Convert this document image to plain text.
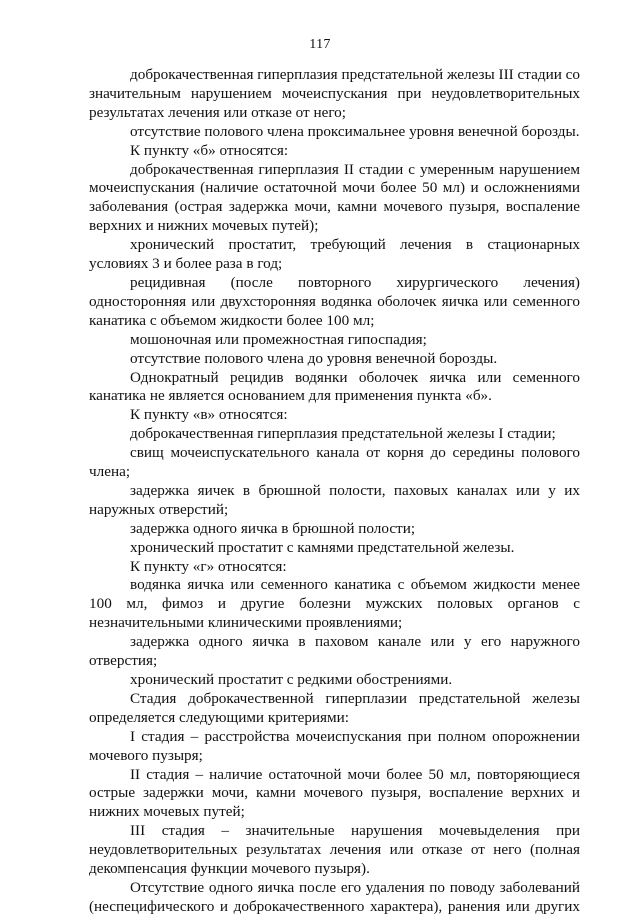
117

доброкачественная гиперплазия предстательной железы III стадии со значительным нарушением мочеиспускания при неудовлетворительных результатах лечения или отказе от него;

отсутствие полового члена проксимальнее уровня венечной борозды.

К пункту «б» относятся:

доброкачественная гиперплазия II стадии с умеренным нарушением мочеиспускания (наличие остаточной мочи более 50 мл) и осложнениями заболевания (острая задержка мочи, камни мочевого пузыря, воспаление верхних и нижних мочевых путей);

хронический простатит, требующий лечения в стационарных условиях 3 и более раза в год;

рецидивная (после повторного хирургического лечения) односторонняя или двухсторонняя водянка оболочек яичка или семенного канатика с объемом жидкости более 100 мл;

мошоночная или промежностная гипоспадия;

отсутствие полового члена до уровня венечной борозды.

Однократный рецидив водянки оболочек яичка или семенного канатика не является основанием для применения пункта «б».

К пункту «в» относятся:

доброкачественная гиперплазия предстательной железы I стадии;

свищ мочеиспускательного канала от корня до середины полового члена;

задержка яичек в брюшной полости, паховых каналах или у их наружных отверстий;

задержка одного яичка в брюшной полости;

хронический простатит с камнями предстательной железы.

К пункту «г» относятся:

водянка яичка или семенного канатика с объемом жидкости менее 100 мл, фимоз и другие болезни мужских половых органов с незначительными клиническими проявлениями;

задержка одного яичка в паховом канале или у его наружного отверстия;

хронический простатит с редкими обострениями.

Стадия доброкачественной гиперплазии предстательной железы определяется следующими критериями:

I стадия – расстройства мочеиспускания при полном опорожнении мочевого пузыря;

II стадия – наличие остаточной мочи более 50 мл, повторяющиеся острые задержки мочи, камни мочевого пузыря, воспаление верхних и нижних мочевых путей;

III стадия – значительные нарушения мочевыделения при неудовлетворительных результатах лечения или отказе от него (полная декомпенсация функции мочевого пузыря).

Отсутствие одного яичка после его удаления по поводу заболеваний (неспецифического и доброкачественного характера), ранения или других
